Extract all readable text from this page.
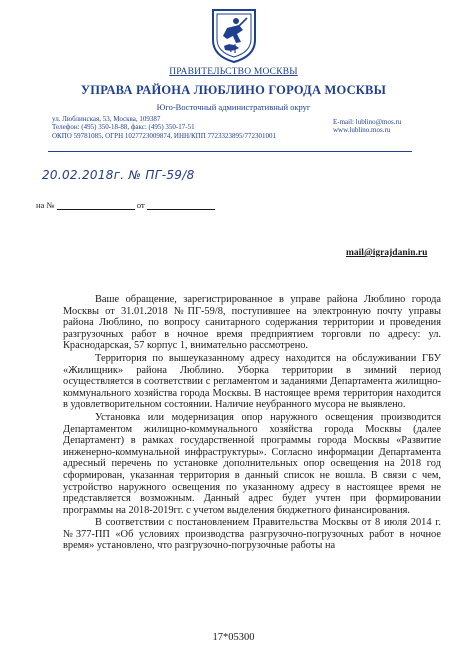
ПРАВИТЕЛЬСТВО МОСКВЫ
УПРАВА РАЙОНА ЛЮБЛИНО ГОРОДА МОСКВЫ
Юго-Восточный административный округ
ул. Люблинская, 53, Москва, 109387
Телефон: (495) 350-18-88, факс: (495) 350-17-51
ОКПО 59781085, ОГРН 1027723009874, ИНН/КПП 7723323895/772301001
E-mail: lublino@mos.ru
www.lublino.mos.ru
20.02.2018г. № ПГ-59/8
на №	от
mail@igrajdanin.ru

Ваше обращение, зарегистрированное в управе района Люблино города Москвы от 31.01.2018 №ПГ-59/8, поступившее на электронную почту управы района Люблино, по вопросу санитарного содержания территории и проведения разгрузочных работ в ночное время предприятием торговли по адресу: ул. Краснодарская, 57 корпус 1, внимательно рассмотрено.

Территория по вышеуказанному адресу находится на обслуживании ГБУ «Жилищник» района Люблино. Уборка территории в зимний период осуществляется в соответствии с регламентом и заданиями Департамента жилищно-коммунального хозяйства города Москвы. В настоящее время территория находится в удовлетворительном состоянии. Наличие неубранного мусора не выявлено.

Установка или модернизация опор наружного освещения производится Департаментом жилищно-коммунального хозяйства города Москвы (далее Департамент) в рамках государственной программы города Москвы «Развитие инженерно-коммунальной инфраструктуры». Согласно информации Департамента адресный перечень по установке дополнительных опор освещения на 2018 год сформирован, указанная территория в данный список не вошла. В связи с чем, устройство наружного освещения по указанному адресу в настоящее время не представляется возможным. Данный адрес будет учтен при формировании программы на 2018-2019гг. с учетом выделения бюджетного финансирования.

В соответствии с постановлением Правительства Москвы от 8 июля 2014 г. №377-ПП «Об условиях производства разгрузочно-погрузочных работ в ночное время» установлено, что разгрузочно-погрузочные работы на

17*05300
